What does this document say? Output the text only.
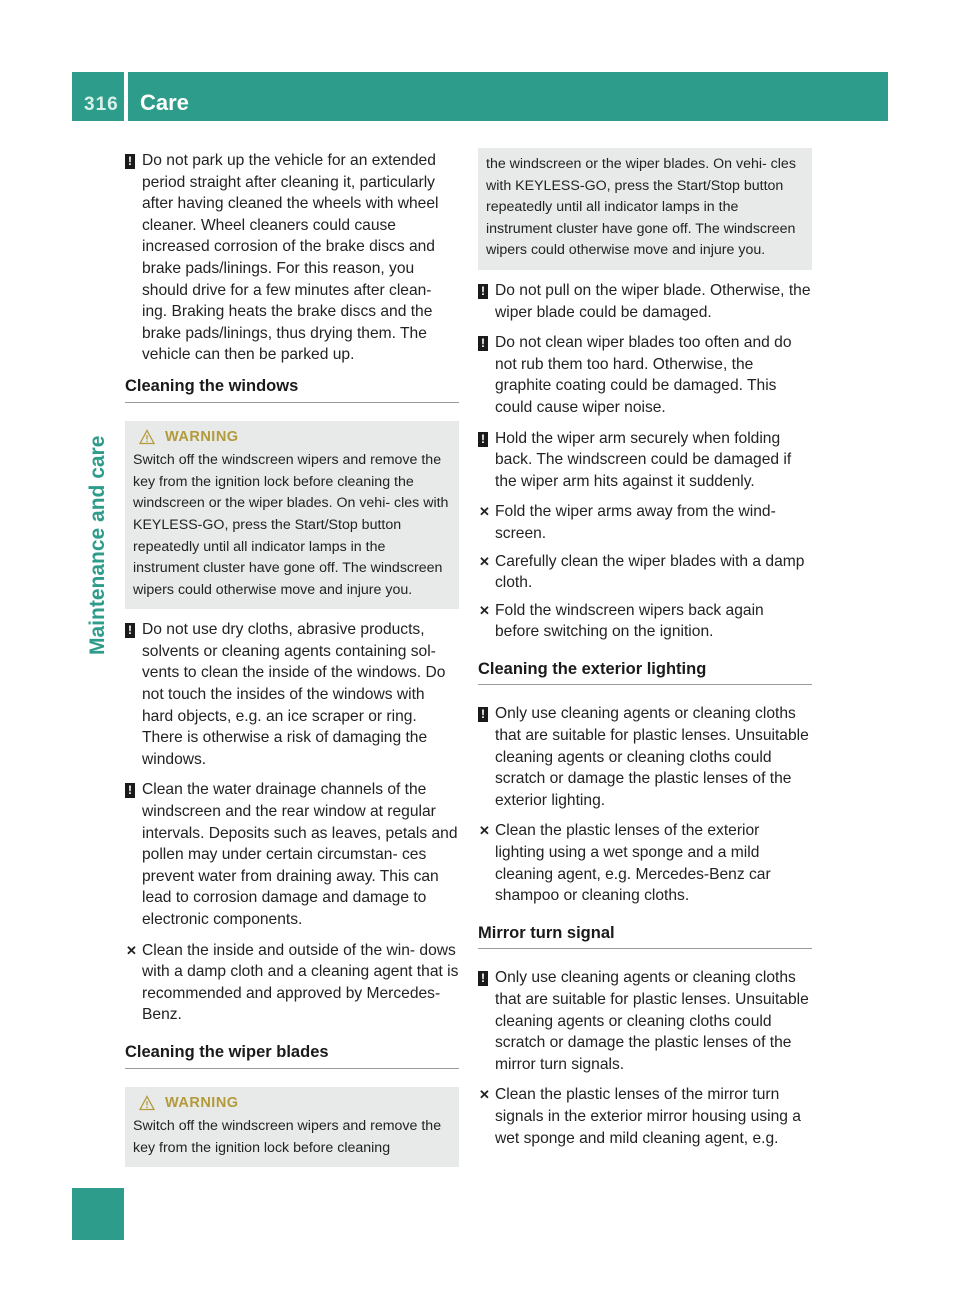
316 Care
Maintenance and care
! Do not park up the vehicle for an extended period straight after cleaning it, particularly after having cleaned the wheels with wheel cleaner. Wheel cleaners could cause increased corrosion of the brake discs and brake pads/linings. For this reason, you should drive for a few minutes after clean- ing. Braking heats the brake discs and the brake pads/linings, thus drying them. The vehicle can then be parked up.
Cleaning the windows
WARNING
Switch off the windscreen wipers and remove the key from the ignition lock before cleaning the windscreen or the wiper blades. On vehi- cles with KEYLESS-GO, press the Start/Stop button repeatedly until all indicator lamps in the instrument cluster have gone off. The windscreen wipers could otherwise move and injure you.
! Do not use dry cloths, abrasive products, solvents or cleaning agents containing sol- vents to clean the inside of the windows. Do not touch the insides of the windows with hard objects, e.g. an ice scraper or ring. There is otherwise a risk of damaging the windows.
! Clean the water drainage channels of the windscreen and the rear window at regular intervals. Deposits such as leaves, petals and pollen may under certain circumstan- ces prevent water from draining away. This can lead to corrosion damage and damage to electronic components.
✕ Clean the inside and outside of the win- dows with a damp cloth and a cleaning agent that is recommended and approved by Mercedes-Benz.
Cleaning the wiper blades
WARNING
Switch off the windscreen wipers and remove the key from the ignition lock before cleaning
the windscreen or the wiper blades. On vehi- cles with KEYLESS-GO, press the Start/Stop button repeatedly until all indicator lamps in the instrument cluster have gone off. The windscreen wipers could otherwise move and injure you.
! Do not pull on the wiper blade. Otherwise, the wiper blade could be damaged.
! Do not clean wiper blades too often and do not rub them too hard. Otherwise, the graphite coating could be damaged. This could cause wiper noise.
! Hold the wiper arm securely when folding back. The windscreen could be damaged if the wiper arm hits against it suddenly.
✕ Fold the wiper arms away from the wind- screen.
✕ Carefully clean the wiper blades with a damp cloth.
✕ Fold the windscreen wipers back again before switching on the ignition.
Cleaning the exterior lighting
! Only use cleaning agents or cleaning cloths that are suitable for plastic lenses. Unsuitable cleaning agents or cleaning cloths could scratch or damage the plastic lenses of the exterior lighting.
✕ Clean the plastic lenses of the exterior lighting using a wet sponge and a mild cleaning agent, e.g. Mercedes-Benz car shampoo or cleaning cloths.
Mirror turn signal
! Only use cleaning agents or cleaning cloths that are suitable for plastic lenses. Unsuitable cleaning agents or cleaning cloths could scratch or damage the plastic lenses of the mirror turn signals.
✕ Clean the plastic lenses of the mirror turn signals in the exterior mirror housing using a wet sponge and mild cleaning agent, e.g.
